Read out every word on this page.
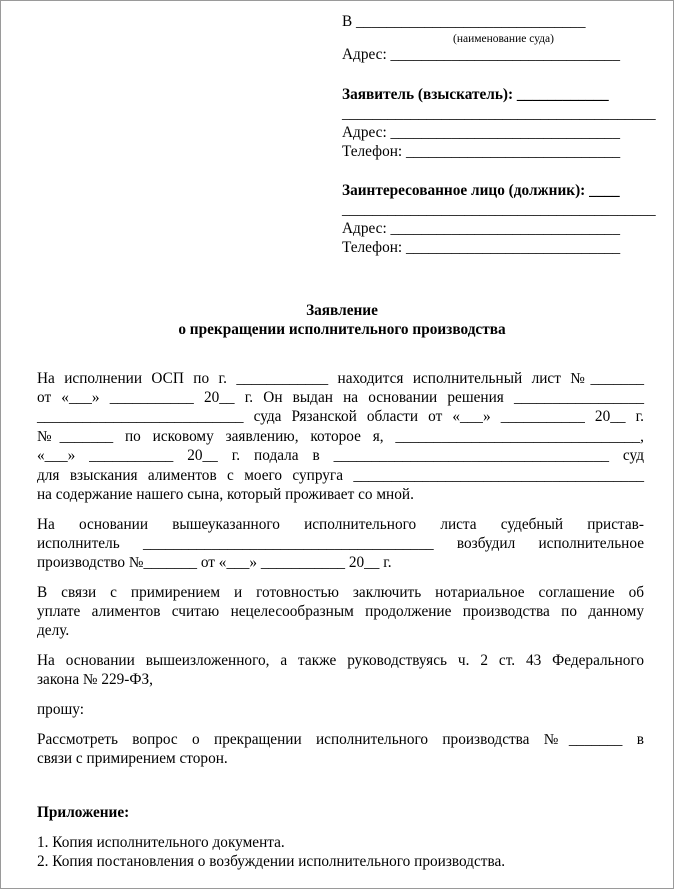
В ______________________________
(наименование суда)
Адрес: ______________________________
Заявитель (взыскатель): ____________
_________________________________________
Адрес: ______________________________
Телефон: ____________________________
Заинтересованное лицо (должник): ____
_________________________________________
Адрес: ______________________________
Телефон: ____________________________
Заявление
о прекращении исполнительного производства
На исполнении ОСП по г. ____________ находится исполнительный лист №_______
от «___» ___________ 20__ г. Он выдан на основании решения _________________
___________________________ суда Рязанской области от «___» ___________ 20__ г.
№_______ по исковому заявлению, которое я, ________________________________,
«___» ___________ 20__ г. подала в ____________________________________ суд
для взыскания алиментов с моего супруга ______________________________________
на содержание нашего сына, который проживает со мной.
На основании вышеуказанного исполнительного листа судебный пристав-
исполнитель ______________________________________ возбудил исполнительное
производство №_______ от «___» ___________ 20__ г.
В связи с примирением и готовностью заключить нотариальное соглашение об
уплате алиментов считаю нецелесообразным продолжение производства по данному
делу.
На основании вышеизложенного, а также руководствуясь ч. 2 ст. 43 Федерального
закона № 229-ФЗ,
прошу:
Рассмотреть вопрос о прекращении исполнительного производства №_______ в
связи с примирением сторон.
Приложение:
1. Копия исполнительного документа.
2. Копия постановления о возбуждении исполнительного производства.
